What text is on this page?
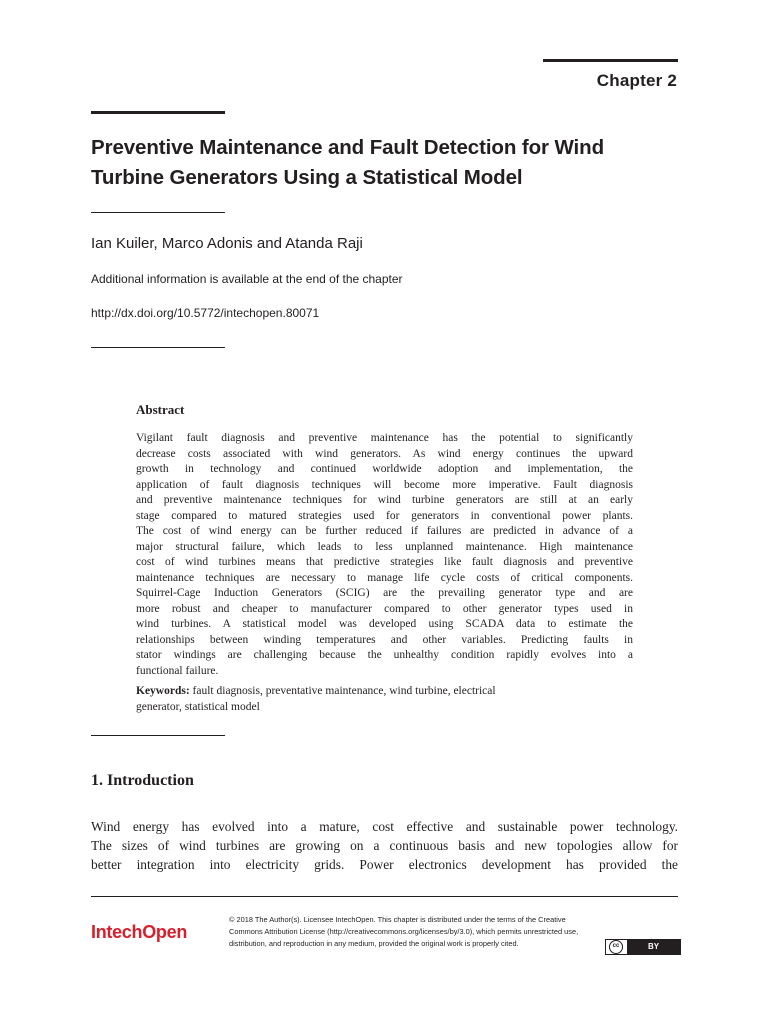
Chapter 2
Preventive Maintenance and Fault Detection for Wind
Turbine Generators Using a Statistical Model
Ian Kuiler, Marco Adonis and Atanda Raji
Additional information is available at the end of the chapter
http://dx.doi.org/10.5772/intechopen.80071
Abstract
Vigilant fault diagnosis and preventive maintenance has the potential to significantly
decrease costs associated with wind generators. As wind energy continues the upward
growth in technology and continued worldwide adoption and implementation, the
application of fault diagnosis techniques will become more imperative. Fault diagnosis
and preventive maintenance techniques for wind turbine generators are still at an early
stage compared to matured strategies used for generators in conventional power plants.
The cost of wind energy can be further reduced if failures are predicted in advance of a
major structural failure, which leads to less unplanned maintenance. High maintenance
cost of wind turbines means that predictive strategies like fault diagnosis and preventive
maintenance techniques are necessary to manage life cycle costs of critical components.
Squirrel-Cage Induction Generators (SCIG) are the prevailing generator type and are
more robust and cheaper to manufacturer compared to other generator types used in
wind turbines. A statistical model was developed using SCADA data to estimate the
relationships between winding temperatures and other variables. Predicting faults in
stator windings are challenging because the unhealthy condition rapidly evolves into a
functional failure.
Keywords: fault diagnosis, preventative maintenance, wind turbine, electrical
generator, statistical model
1. Introduction
Wind energy has evolved into a mature, cost effective and sustainable power technology.
The sizes of wind turbines are growing on a continuous basis and new topologies allow for
better integration into electricity grids. Power electronics development has provided the
IntechOpen
© 2018 The Author(s). Licensee IntechOpen. This chapter is distributed under the terms of the Creative
Commons Attribution License (http://creativecommons.org/licenses/by/3.0), which permits unrestricted use,
distribution, and reproduction in any medium, provided the original work is properly cited.	cc	BY
